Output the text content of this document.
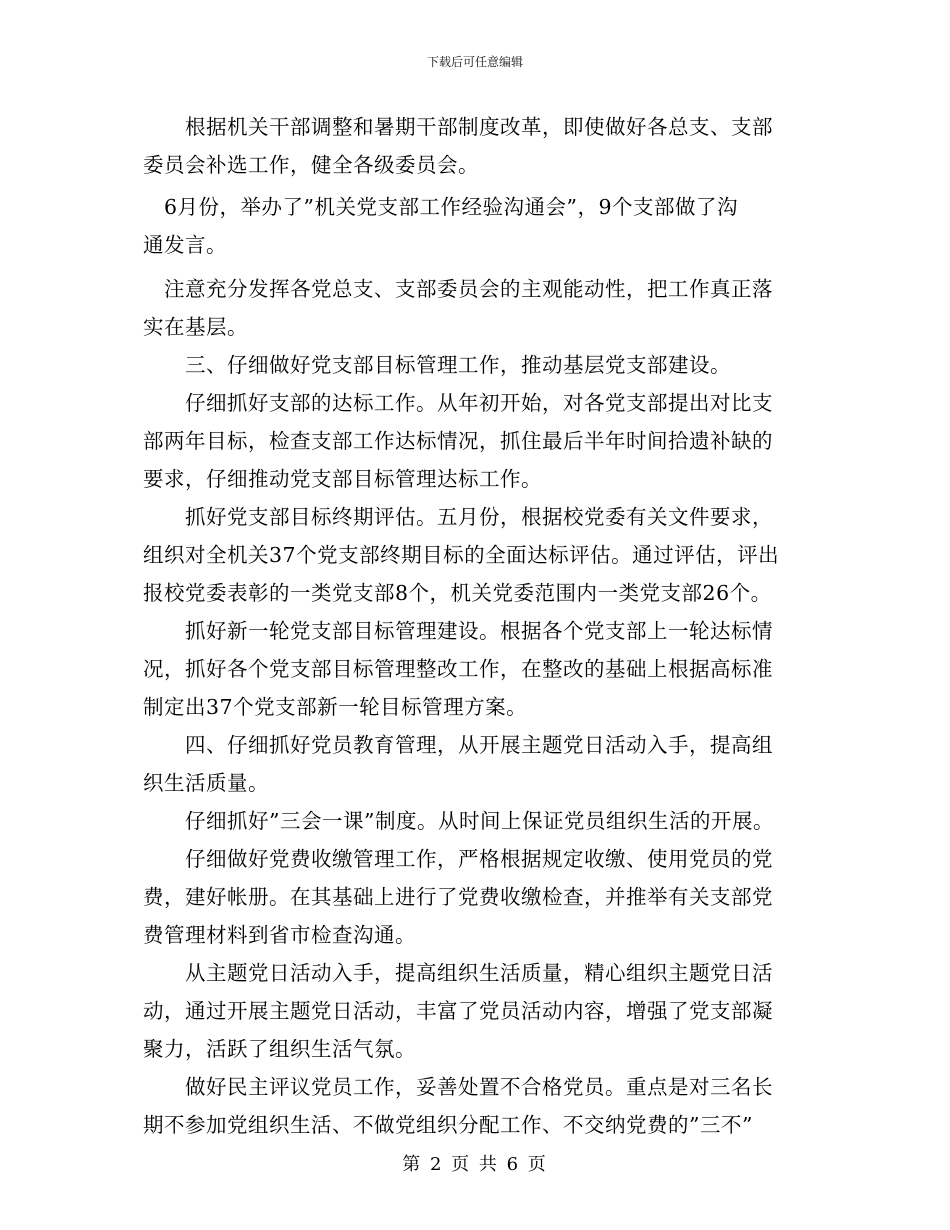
下载后可任意编辑
　　根据机关干部调整和暑期干部制度改革，即使做好各总支、支部
委员会补选工作，健全各级委员会。
　6月份，举办了”机关党支部工作经验沟通会”，9个支部做了沟
通发言。
　注意充分发挥各党总支、支部委员会的主观能动性，把工作真正落
实在基层。
　　三、仔细做好党支部目标管理工作，推动基层党支部建设。
　　仔细抓好支部的达标工作。从年初开始，对各党支部提出对比支
部两年目标，检查支部工作达标情况，抓住最后半年时间拾遗补缺的
要求，仔细推动党支部目标管理达标工作。
　　抓好党支部目标终期评估。五月份，根据校党委有关文件要求，
组织对全机关37个党支部终期目标的全面达标评估。通过评估，评出
报校党委表彰的一类党支部8个，机关党委范围内一类党支部26个。
　　抓好新一轮党支部目标管理建设。根据各个党支部上一轮达标情
况，抓好各个党支部目标管理整改工作，在整改的基础上根据高标准
制定出37个党支部新一轮目标管理方案。
　　四、仔细抓好党员教育管理，从开展主题党日活动入手，提高组
织生活质量。
　　仔细抓好”三会一课”制度。从时间上保证党员组织生活的开展。
　　仔细做好党费收缴管理工作，严格根据规定收缴、使用党员的党
费，建好帐册。在其基础上进行了党费收缴检查，并推举有关支部党
费管理材料到省市检查沟通。
　　从主题党日活动入手，提高组织生活质量，精心组织主题党日活
动，通过开展主题党日活动，丰富了党员活动内容，增强了党支部凝
聚力，活跃了组织生活气氛。
　　做好民主评议党员工作，妥善处置不合格党员。重点是对三名长
期不参加党组织生活、不做党组织分配工作、不交纳党费的”三不”
第 2 页 共 6 页
